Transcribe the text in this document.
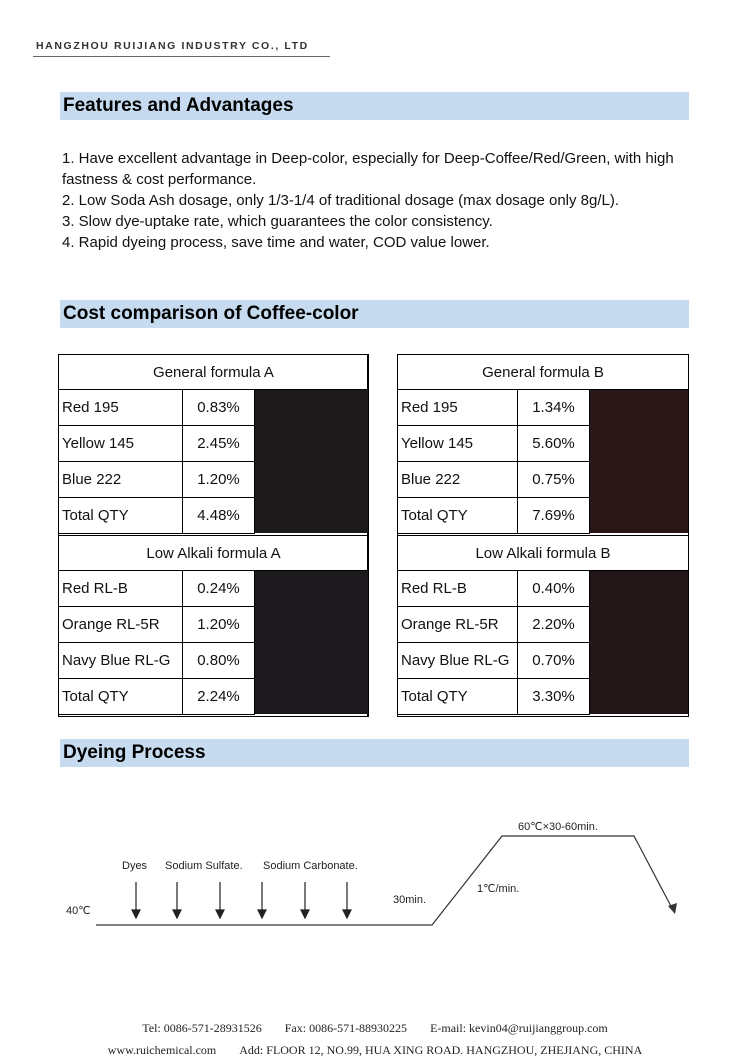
HANGZHOU RUIJIANG INDUSTRY CO., LTD
Features and Advantages

1. Have excellent advantage in Deep-color, especially for Deep-Coffee/Red/Green, with high fastness & cost performance.

2. Low Soda Ash dosage, only 1/3-1/4 of traditional dosage (max dosage only 8g/L).

3. Slow dye-uptake rate, which guarantees the color consistency.

4. Rapid dyeing process, save time and water, COD value lower.

Cost comparison of Coffee-color
General formula A
Red 195	0.83%
Yellow 145	2.45%
Blue 222	1.20%
Total QTY	4.48%
Low Alkali formula A
Red RL-B	0.24%
Orange RL-5R	1.20%
Navy Blue RL-G	0.80%
Total QTY	2.24%
General formula B
Red 195	1.34%
Yellow 145	5.60%
Blue 222	0.75%
Total QTY	7.69%
Low Alkali formula B
Red RL-B	0.40%
Orange RL-5R	2.20%
Navy Blue RL-G	0.70%
Total QTY	3.30%
Dyeing Process
40℃
Dyes Sodium Sulfate. Sodium Carbonate.
30min.
1℃/min.
60℃×30-60min.
Tel: 0086-571-28931526 Fax: 0086-571-88930225 E-mail: kevin04@ruijianggroup.com
www.ruichemical.com Add: FLOOR 12, NO.99, HUA XING ROAD. HANGZHOU, ZHEJIANG, CHINA
